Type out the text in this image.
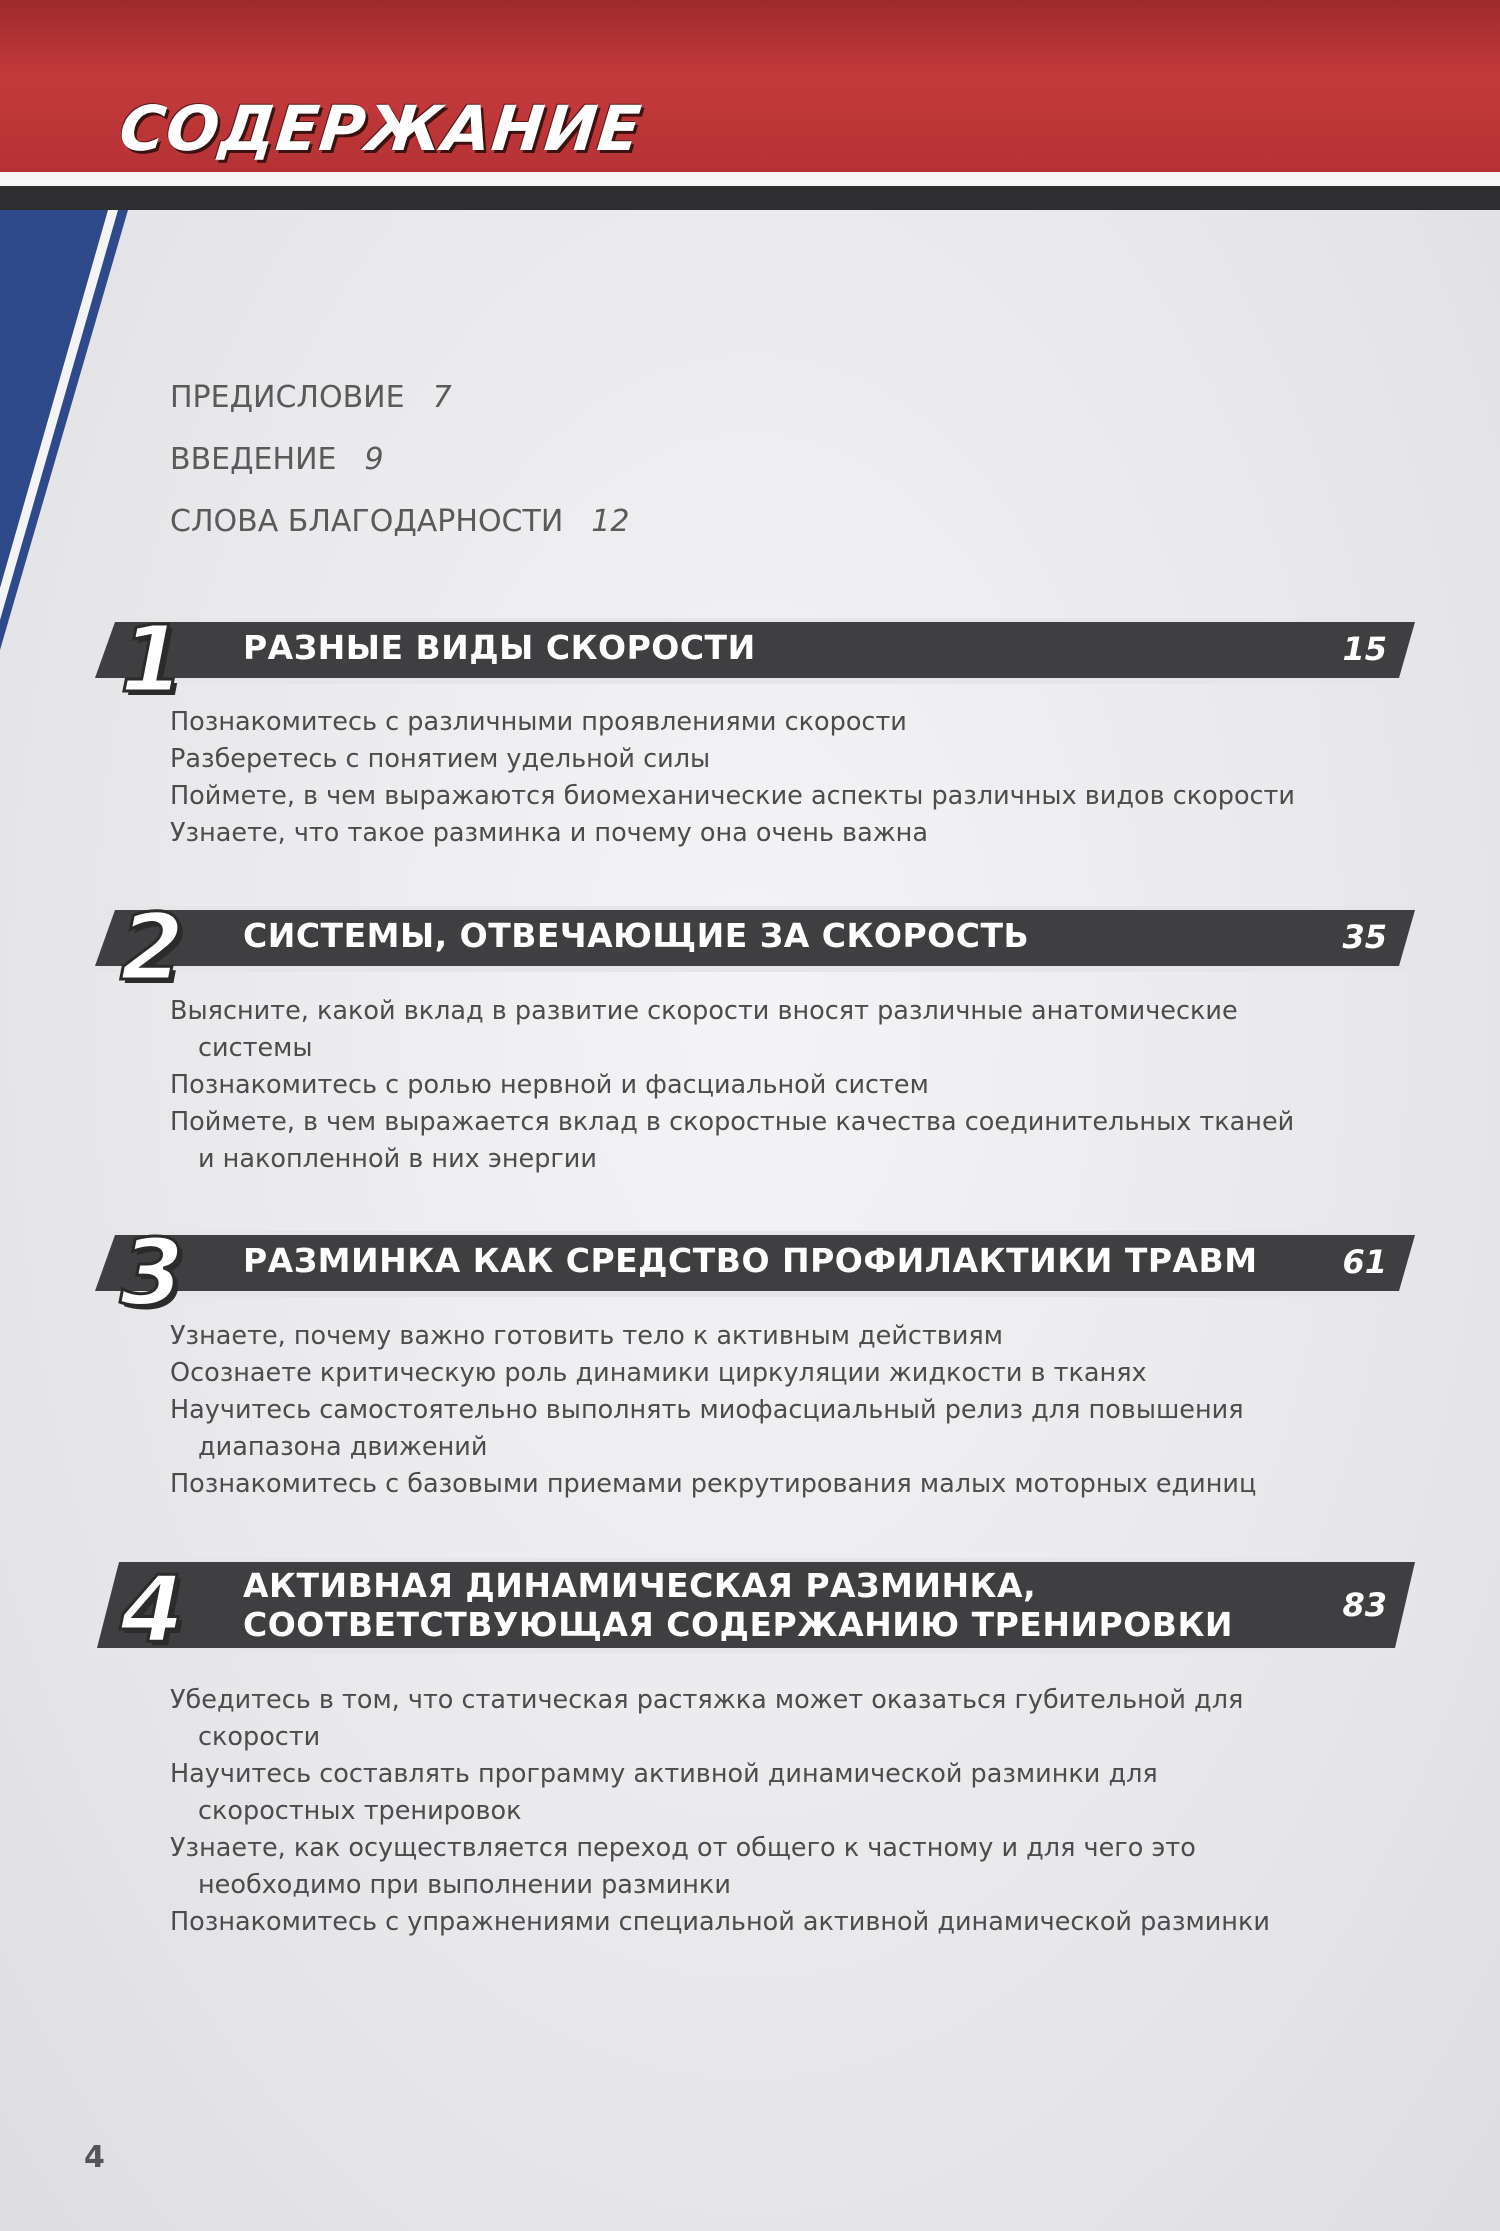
СОДЕРЖАНИЕ
ПРЕДИСЛОВИЕ 7
ВВЕДЕНИЕ 9
СЛОВА БЛАГОДАРНОСТИ 12
1 РАЗНЫЕ ВИДЫ СКОРОСТИ	15
Познакомитесь с различными проявлениями скорости
Разберетесь с понятием удельной силы
Поймете, в чем выражаются биомеханические аспекты различных видов скорости
Узнаете, что такое разминка и почему она очень важна
2 СИСТЕМЫ, ОТВЕЧАЮЩИЕ ЗА СКОРОСТЬ	35
Выясните, какой вклад в развитие скорости вносят различные анатомические системы
Познакомитесь с ролью нервной и фасциальной систем
Поймете, в чем выражается вклад в скоростные качества соединительных тканей и накопленной в них энергии
3 РАЗМИНКА КАК СРЕДСТВО ПРОФИЛАКТИКИ ТРАВМ	61
Узнаете, почему важно готовить тело к активным действиям
Осознаете критическую роль динамики циркуляции жидкости в тканях
Научитесь самостоятельно выполнять миофасциальный релиз для повышения диапазона движений
Познакомитесь с базовыми приемами рекрутирования малых моторных единиц
4 АКТИВНАЯ ДИНАМИЧЕСКАЯ РАЗМИНКА,
СООТВЕТСТВУЮЩАЯ СОДЕРЖАНИЮ ТРЕНИРОВКИ	83
Убедитесь в том, что статическая растяжка может оказаться губительной для скорости
Научитесь составлять программу активной динамической разминки для скоростных тренировок
Узнаете, как осуществляется переход от общего к частному и для чего это необходимо при выполнении разминки
Познакомитесь с упражнениями специальной активной динамической разминки
4
